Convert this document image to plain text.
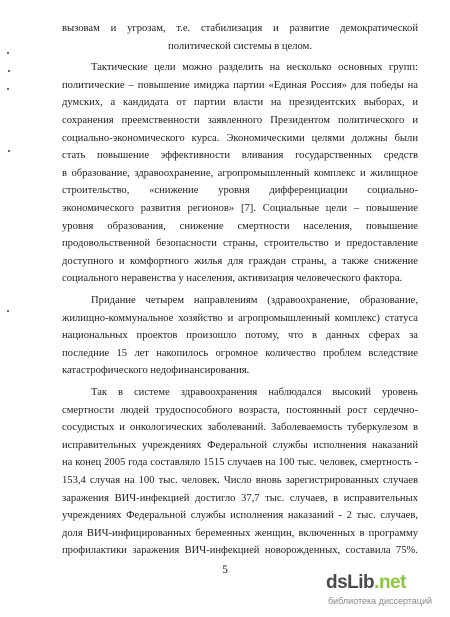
вызовам и угрозам, т.е. стабилизация и развитие демократической
политической системы в целом.
Тактические цели можно разделить на несколько основных групп:
политические – повышение имиджа партии «Единая Россия» для победы на
думских, а кандидата от партии власти на президентских выборах, и
сохранения преемственности заявленного Президентом политического и
социально-экономического курса. Экономическими целями должны были
стать повышение эффективности вливания государственных средств
в образование, здравоохранение, агропромышленный комплекс и жилищное
строительство, «снижение уровня дифференциации социально-
экономического развития регионов» [7]. Социальные цели – повышение
уровня образования, снижение смертности населения, повышение
продовольственной безопасности страны, строительство и предоставление
доступного и комфортного жилья для граждан страны, а также снижение
социального неравенства у населения, активизация человеческого фактора.
Придание четырем направлениям (здравоохранение, образование,
жилищно-коммунальное хозяйство и агропромышленный комплекс) статуса
национальных проектов произошло потому, что в данных сферах за
последние 15 лет накопилось огромное количество проблем вследствие
катастрофического недофинансирования.
Так в системе здравоохранения наблюдался высокий уровень
смертности людей трудоспособного возраста, постоянный рост сердечно-
сосудистых и онкологических заболеваний. Заболеваемость туберкулезом в
исправительных учреждениях Федеральной службы исполнения наказаний
на конец 2005 года составляло 1515 случаев на 100 тыс. человек, смертность -
153,4 случая на 100 тыс. человек. Число вновь зарегистрированных случаев
заражения ВИЧ-инфекцией достигло 37,7 тыс. случаев, в исправительных
учреждениях Федеральной службы исполнения наказаний - 2 тыс. случаев,
доля ВИЧ-инфицированных беременных женщин, включенных в программу
профилактики заражения ВИЧ-инфекцией новорожденных, составила 75%.
dsLib .net
библиотека диссертаций
5
